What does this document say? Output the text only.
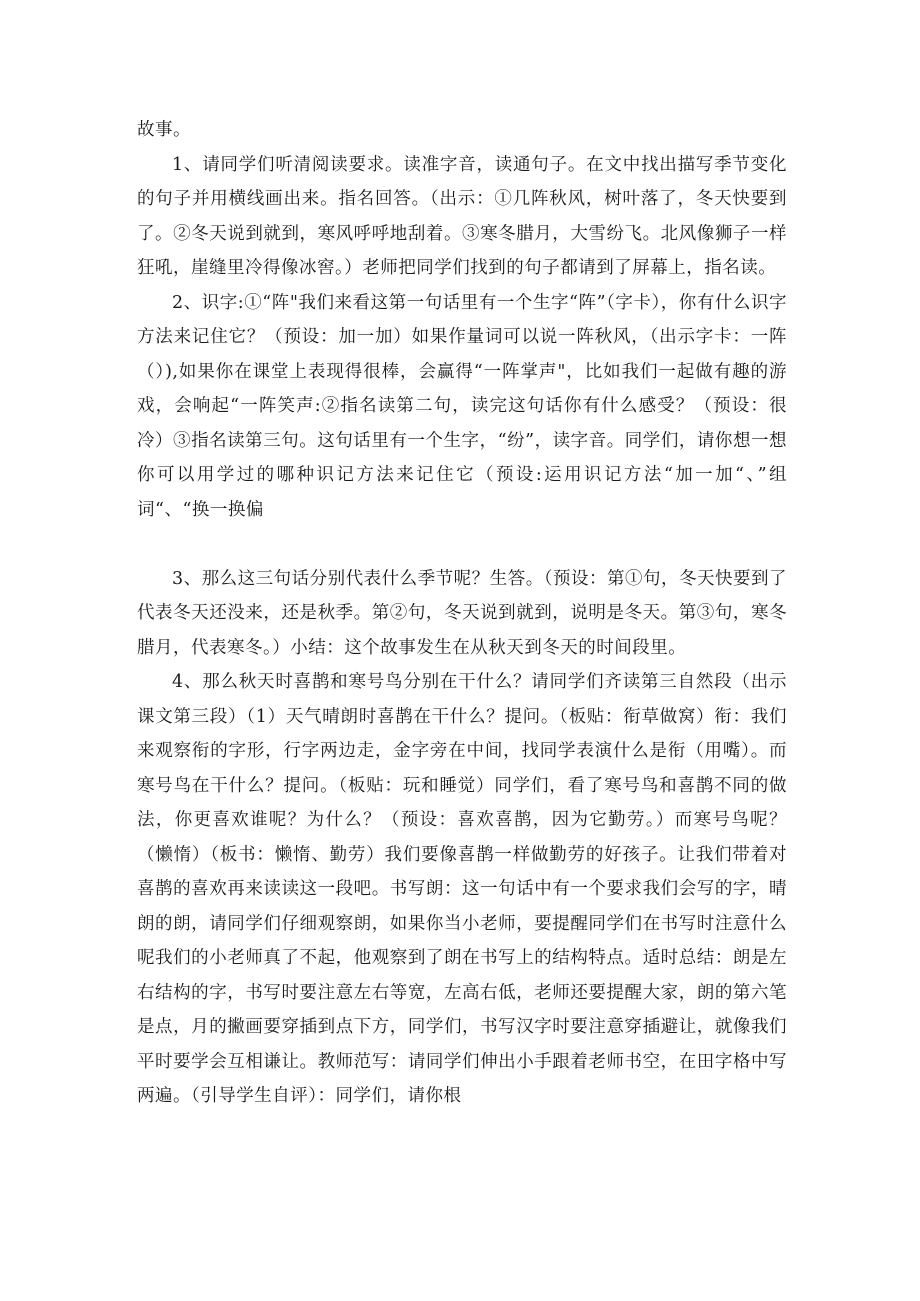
故事。

1、请同学们听清阅读要求。读准字音，读通句子。在文中找出描写季节变化的句子并用横线画出来。指名回答。（出示：①几阵秋风，树叶落了，冬天快要到了。②冬天说到就到，寒风呼呼地刮着。③寒冬腊月，大雪纷飞。北风像狮子一样狂吼，崖缝里冷得像冰窖。）老师把同学们找到的句子都请到了屏幕上，指名读。

2、识字:①“阵"我们来看这第一句话里有一个生字“阵”（字卡），你有什么识字方法来记住它？（预设：加一加）如果作量词可以说一阵秋风，（出示字卡：一阵（）),如果你在课堂上表现得很棒，会赢得“一阵掌声"，比如我们一起做有趣的游戏，会响起“一阵笑声:②指名读第二句，读完这句话你有什么感受？（预设：很冷）③指名读第三句。这句话里有一个生字，“纷”，读字音。同学们，请你想一想你可以用学过的哪种识记方法来记住它（预设:运用识记方法“加一加“、”组词“、“换一换偏

3、那么这三句话分别代表什么季节呢？生答。（预设：第①句，冬天快要到了代表冬天还没来，还是秋季。第②句，冬天说到就到，说明是冬天。第③句，寒冬腊月，代表寒冬。）小结：这个故事发生在从秋天到冬天的时间段里。

4、那么秋天时喜鹊和寒号鸟分别在干什么？请同学们齐读第三自然段（出示课文第三段）（1）天气晴朗时喜鹊在干什么？提问。（板贴：衔草做窝）衔：我们来观察衔的字形，行字两边走，金字旁在中间，找同学表演什么是衔（用嘴）。而寒号鸟在干什么？提问。（板贴：玩和睡觉）同学们，看了寒号鸟和喜鹊不同的做法，你更喜欢谁呢？为什么？（预设：喜欢喜鹊，因为它勤劳。）而寒号鸟呢？（懒惰）（板书：懒惰、勤劳）我们要像喜鹊一样做勤劳的好孩子。让我们带着对喜鹊的喜欢再来读读这一段吧。书写朗：这一句话中有一个要求我们会写的字，晴朗的朗，请同学们仔细观察朗，如果你当小老师，要提醒同学们在书写时注意什么呢我们的小老师真了不起，他观察到了朗在书写上的结构特点。适时总结：朗是左右结构的字，书写时要注意左右等宽，左高右低，老师还要提醒大家，朗的第六笔是点，月的撇画要穿插到点下方，同学们，书写汉字时要注意穿插避让，就像我们平时要学会互相谦让。教师范写：请同学们伸出小手跟着老师书空，在田字格中写两遍。（引导学生自评）：同学们，请你根
